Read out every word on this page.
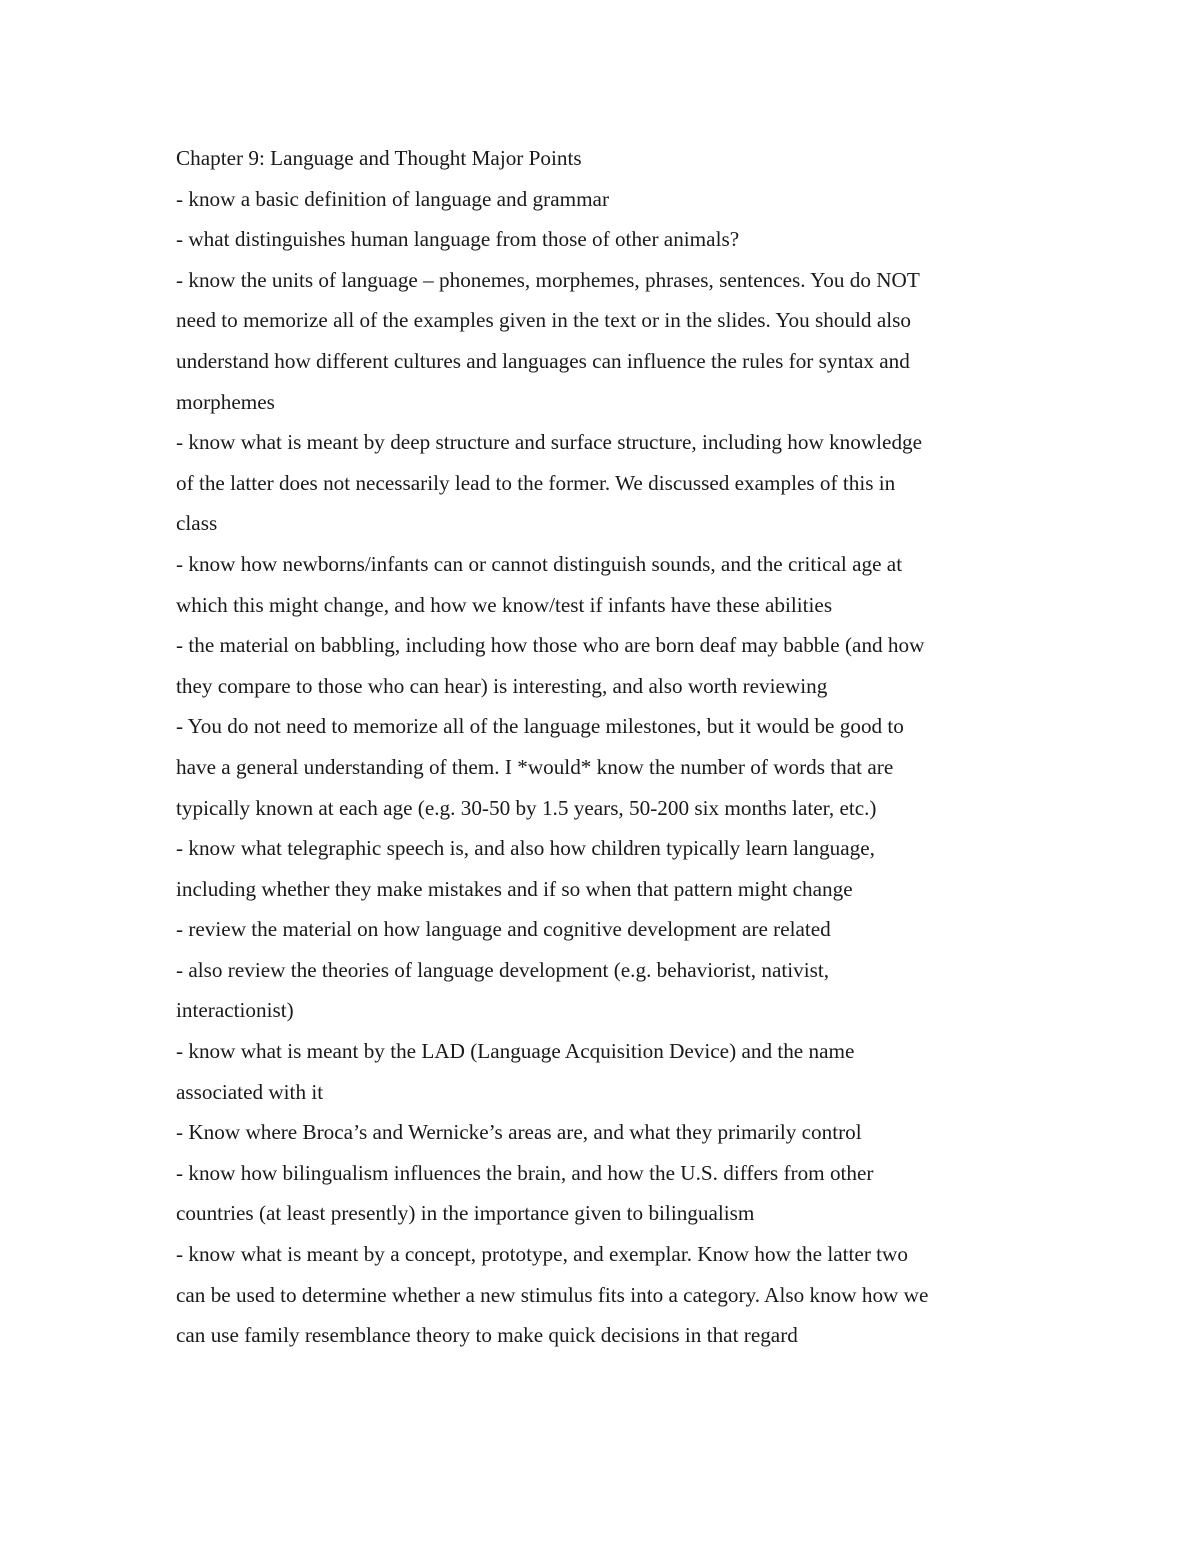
Chapter 9: Language and Thought Major Points

- know a basic definition of language and grammar

- what distinguishes human language from those of other animals?

- know the units of language – phonemes, morphemes, phrases, sentences. You do NOT

need to memorize all of the examples given in the text or in the slides. You should also

understand how different cultures and languages can influence the rules for syntax and

morphemes

- know what is meant by deep structure and surface structure, including how knowledge

of the latter does not necessarily lead to the former. We discussed examples of this in

class

- know how newborns/infants can or cannot distinguish sounds, and the critical age at

which this might change, and how we know/test if infants have these abilities

- the material on babbling, including how those who are born deaf may babble (and how

they compare to those who can hear) is interesting, and also worth reviewing

- You do not need to memorize all of the language milestones, but it would be good to

have a general understanding of them. I *would* know the number of words that are

typically known at each age (e.g. 30-50 by 1.5 years, 50-200 six months later, etc.)

- know what telegraphic speech is, and also how children typically learn language,

including whether they make mistakes and if so when that pattern might change

- review the material on how language and cognitive development are related

- also review the theories of language development (e.g. behaviorist, nativist,

interactionist)

- know what is meant by the LAD (Language Acquisition Device) and the name

associated with it

- Know where Broca’s and Wernicke’s areas are, and what they primarily control

- know how bilingualism influences the brain, and how the U.S. differs from other

countries (at least presently) in the importance given to bilingualism

- know what is meant by a concept, prototype, and exemplar. Know how the latter two

can be used to determine whether a new stimulus fits into a category. Also know how we

can use family resemblance theory to make quick decisions in that regard
